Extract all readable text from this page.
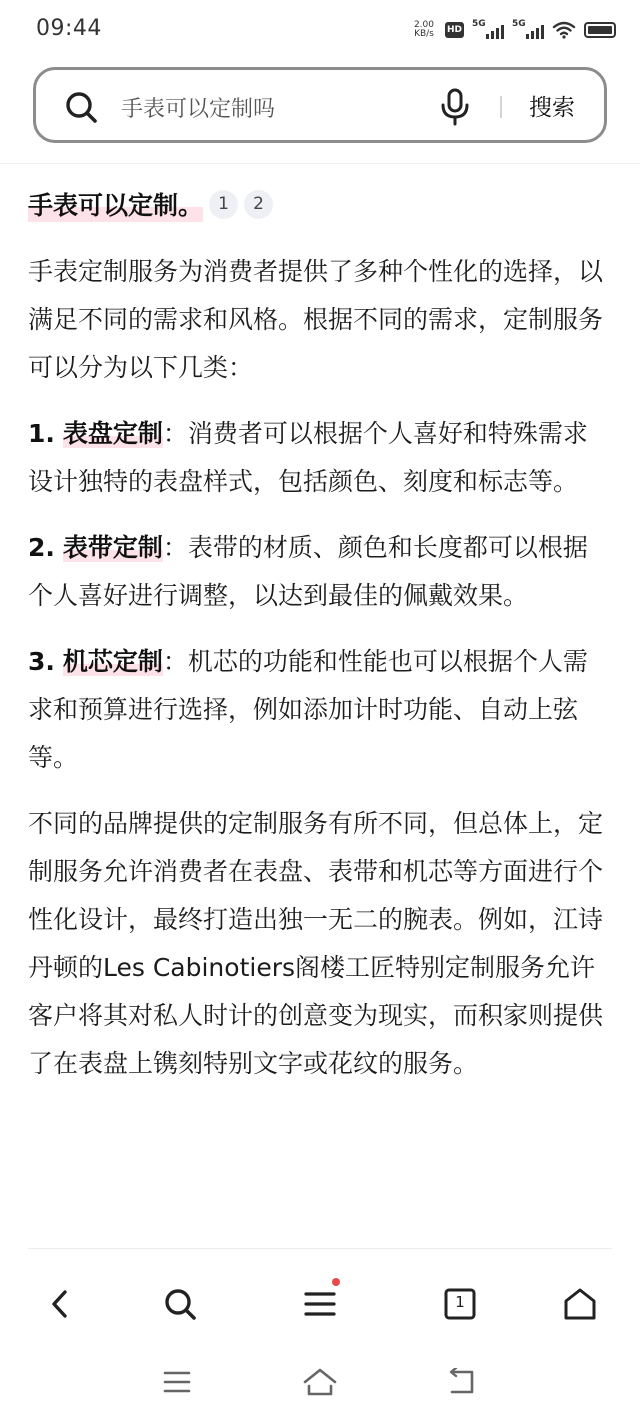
09:44	2.00
KB/s	HD
5G	5G
手表可以定制吗
搜索
手表可以定制。 1	2

手表定制服务为消费者提供了多种个性化的选择，以满足不同的需求和风格。根据不同的需求，定制服务可以分为以下几类：

1. 表盘定制：消费者可以根据个人喜好和特殊需求设计独特的表盘样式，包括颜色、刻度和标志等。

2. 表带定制：表带的材质、颜色和长度都可以根据个人喜好进行调整，以达到最佳的佩戴效果。

3. 机芯定制：机芯的功能和性能也可以根据个人需求和预算进行选择，例如添加计时功能、自动上弦等。

不同的品牌提供的定制服务有所不同，但总体上，定制服务允许消费者在表盘、表带和机芯等方面进行个性化设计，最终打造出独一无二的腕表。例如，江诗丹顿的Les Cabinotiers阁楼工匠特别定制服务允许客户将其对私人时计的创意变为现实，而积家则提供了在表盘上镌刻特别文字或花纹的服务。

1
